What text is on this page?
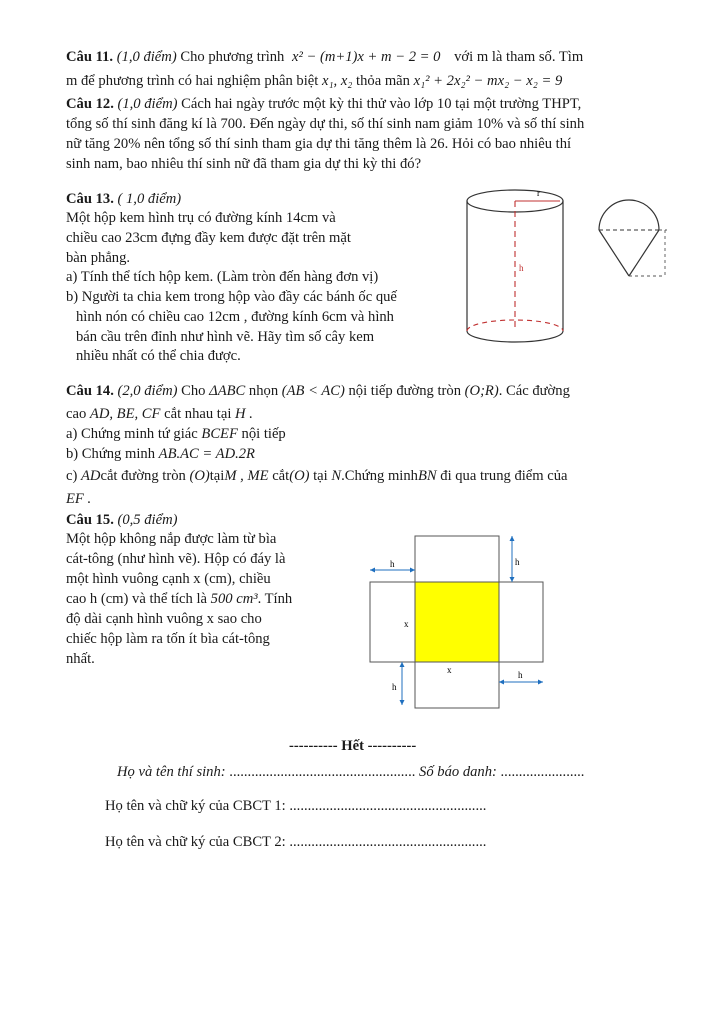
Câu 11. (1,0 điểm) Cho phương trình x² − (m+1)x + m − 2 = 0 với m là tham số. Tìm
m để phương trình có hai nghiệm phân biệt x₁, x₂ thỏa mãn x₁² + 2x₂² − mx₂ − x₂ = 9
Câu 12. (1,0 điểm) Cách hai ngày trước một kỳ thi thử vào lớp 10 tại một trường THPT,
tổng số thí sinh đăng kí là 700. Đến ngày dự thi, số thí sinh nam giảm 10% và số thí sinh
nữ tăng 20% nên tổng số thí sinh tham gia dự thi tăng thêm là 26. Hỏi có bao nhiêu thí
sinh nam, bao nhiêu thí sinh nữ đã tham gia dự thi kỳ thi đó?
Câu 13. ( 1,0 điểm)
Một hộp kem hình trụ có đường kính 14cm và
chiều cao 23cm đựng đầy kem được đặt trên mặt
bàn phẳng.
a) Tính thể tích hộp kem. (Làm tròn đến hàng đơn vị)
b) Người ta chia kem trong hộp vào đầy các bánh ốc quế
hình nón có chiều cao 12cm , đường kính 6cm và hình
bán cầu trên đỉnh như hình vẽ. Hãy tìm số cây kem
nhiều nhất có thể chia được.
r
h
Câu 14. (2,0 điểm) Cho ΔABC nhọn (AB < AC) nội tiếp đường tròn (O;R). Các đường
cao AD, BE, CF cắt nhau tại H .
a) Chứng minh tứ giác BCEF nội tiếp
b) Chứng minh AB.AC = AD.2R
c) ADcắt đường tròn (O)tạiM , ME cắt(O) tại N.Chứng minhBN đi qua trung điểm của
EF .
Câu 15. (0,5 điểm)
Một hộp không nắp được làm từ bìa
cát-tông (như hình vẽ). Hộp có đáy là
một hình vuông cạnh x (cm), chiều
cao h (cm) và thể tích là 500 cm³. Tính
độ dài cạnh hình vuông x sao cho
chiếc hộp làm ra tốn ít bìa cát-tông
nhất.
h	h
x
x
h
h
---------- Hết ----------
Họ và tên thí sinh: ................................................... Số báo danh: .......................
Họ tên và chữ ký của CBCT 1: ......................................................
Họ tên và chữ ký của CBCT 2: ......................................................
